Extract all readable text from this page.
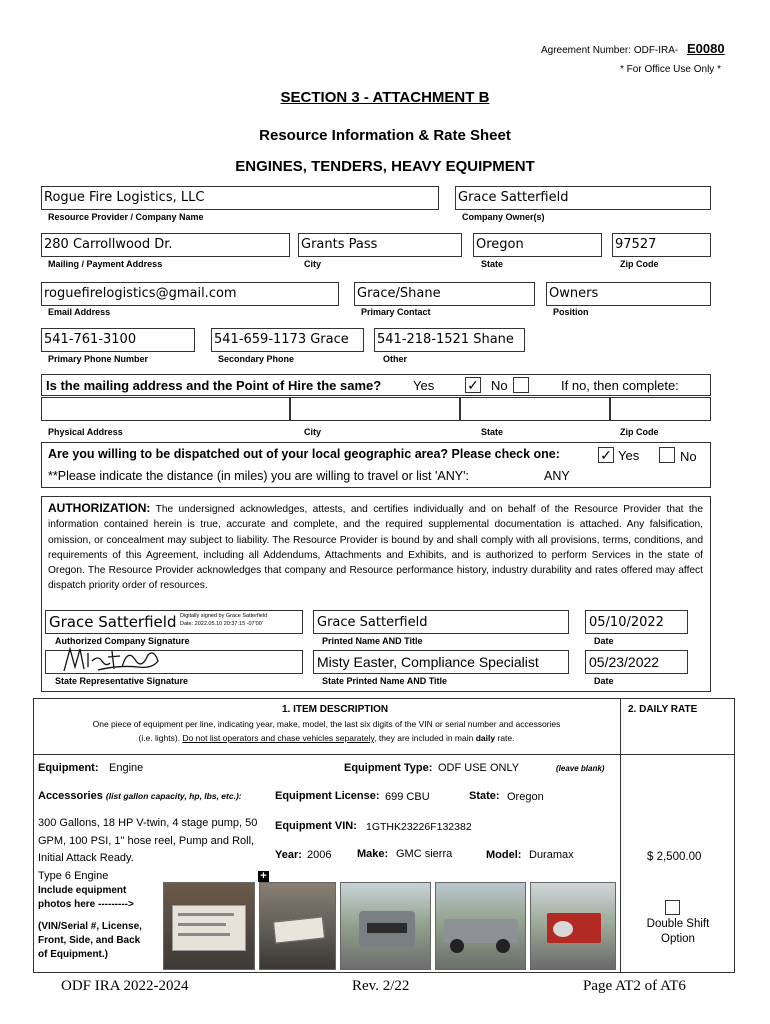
Agreement Number: ODF-IRA- E0080
* For Office Use Only *
SECTION 3 - ATTACHMENT B
Resource Information & Rate Sheet
ENGINES, TENDERS, HEAVY EQUIPMENT
Rogue Fire Logistics, LLC
Resource Provider / Company Name
Grace Satterfield
Company Owner(s)
280 Carrollwood Dr.
Mailing / Payment Address
Grants Pass
City
Oregon
State
97527
Zip Code
roguefirelogistics@gmail.com
Email Address
Grace/Shane
Primary Contact
Owners
Position
541-761-3100
Primary Phone Number
541-659-1173 Grace
Secondary Phone
541-218-1521 Shane
Other
Is the mailing address and the Point of Hire the same? Yes ✓ No	If no, then complete:
Physical Address	City	State	Zip Code
Are you willing to be dispatched out of your local geographic area? Please check one:	✓ Yes	No
**Please indicate the distance (in miles) you are willing to travel or list 'ANY':	ANY
AUTHORIZATION: The undersigned acknowledges, attests, and certifies individually and on behalf of the Resource Provider that the information contained herein is true, accurate and complete, and the required supplemental documentation is attached. Any falsification, omission, or concealment may subject to liability. The Resource Provider is bound by and shall comply with all provisions, terms, conditions, and requirements of this Agreement, including all Addendums, Attachments and Exhibits, and is authorized to perform Services in the state of Oregon. The Resource Provider acknowledges that company and Resource performance history, industry durability and rates offered may affect dispatch priority order of resources.
Grace Satterfield Digitally signed by Grace Satterfield
Date: 2022.05.10 20:37:15 -07'00'
Authorized Company Signature
Grace Satterfield
Printed Name AND Title
05/10/2022
Date
State Representative Signature
Misty Easter, Compliance Specialist
State Printed Name AND Title
05/23/2022
Date
1. ITEM DESCRIPTION	2. DAILY RATE
One piece of equipment per line, indicating year, make, model, the last six digits of the VIN or serial number and accessories
(i.e. lights). Do not list operators and chase vehicles separately, they are included in main daily rate.
Equipment: Engine	Equipment Type: ODF USE ONLY	(leave blank)
Accessories (list gallon capacity, hp, lbs, etc.):	Equipment License: 699 CBU	State: Oregon
300 Gallons, 18 HP V-twin, 4 stage pump, 50
GPM, 100 PSI, 1" hose reel, Pump and Roll,
Initial Attack Ready.
Type 6 Engine
Equipment VIN: 1GTHK23226F132382
Year: 2006 Make: GMC sierra	Model: Duramax	$ 2,500.00
+
Include equipment
photos here --------->
(VIN/Serial #, License,
Front, Side, and Back
of Equipment.)
Double Shift
Option
ODF IRA 2022-2024	Rev. 2/22	Page AT2 of AT6
